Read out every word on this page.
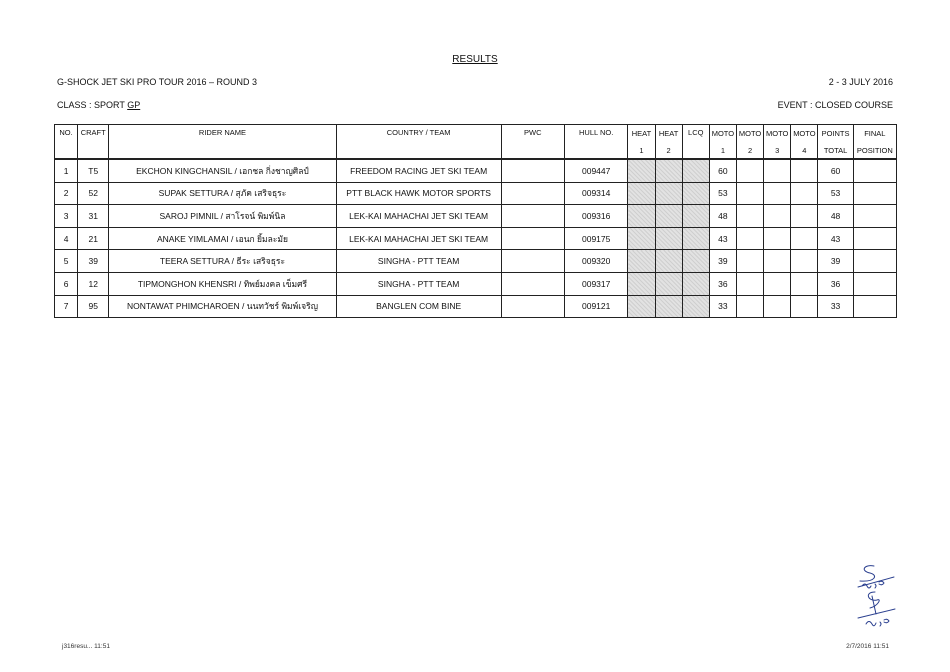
RESULTS
G-SHOCK JET SKI PRO TOUR 2016 – ROUND 3	2 - 3 JULY 2016
CLASS : SPORT GP	EVENT : CLOSED COURSE
NO.	CRAFT	RIDER NAME	COUNTRY / TEAM	PWC	HULL NO.	HEAT	HEAT	LCQ	MOTO	MOTO	MOTO	MOTO	POINTS	FINAL
						1	2		1	2	3	4	TOTAL	POSITION
1	T5	EKCHON KINGCHANSIL / เอกชล กิ่งชาญศิลป์	FREEDOM RACING JET SKI TEAM		009447				60				60	
2	52	SUPAK SETTURA / สุภัค เสริจธุระ	PTT BLACK HAWK MOTOR SPORTS		009314				53				53	
3	31	SAROJ PIMNIL / สาโรจน์ พิมพ์นิล	LEK-KAI MAHACHAI JET SKI TEAM		009316				48				48	
4	21	ANAKE YIMLAMAI / เอนก ยิ้มละมัย	LEK-KAI MAHACHAI JET SKI TEAM		009175				43				43	
5	39	TEERA SETTURA / ธีระ เสริจธุระ	SINGHA - PTT TEAM		009320				39				39	
6	12	TIPMONGHON KHENSRI / ทิพย์มงคล เข็มศรี	SINGHA - PTT TEAM		009317				36				36	
7	95	NONTAWAT PHIMCHAROEN / นนทวัชร์ พิมพ์เจริญ	BANGLEN COM BINE		009121				33				33	
j316resu... 11:51	2/7/2016 11:51
